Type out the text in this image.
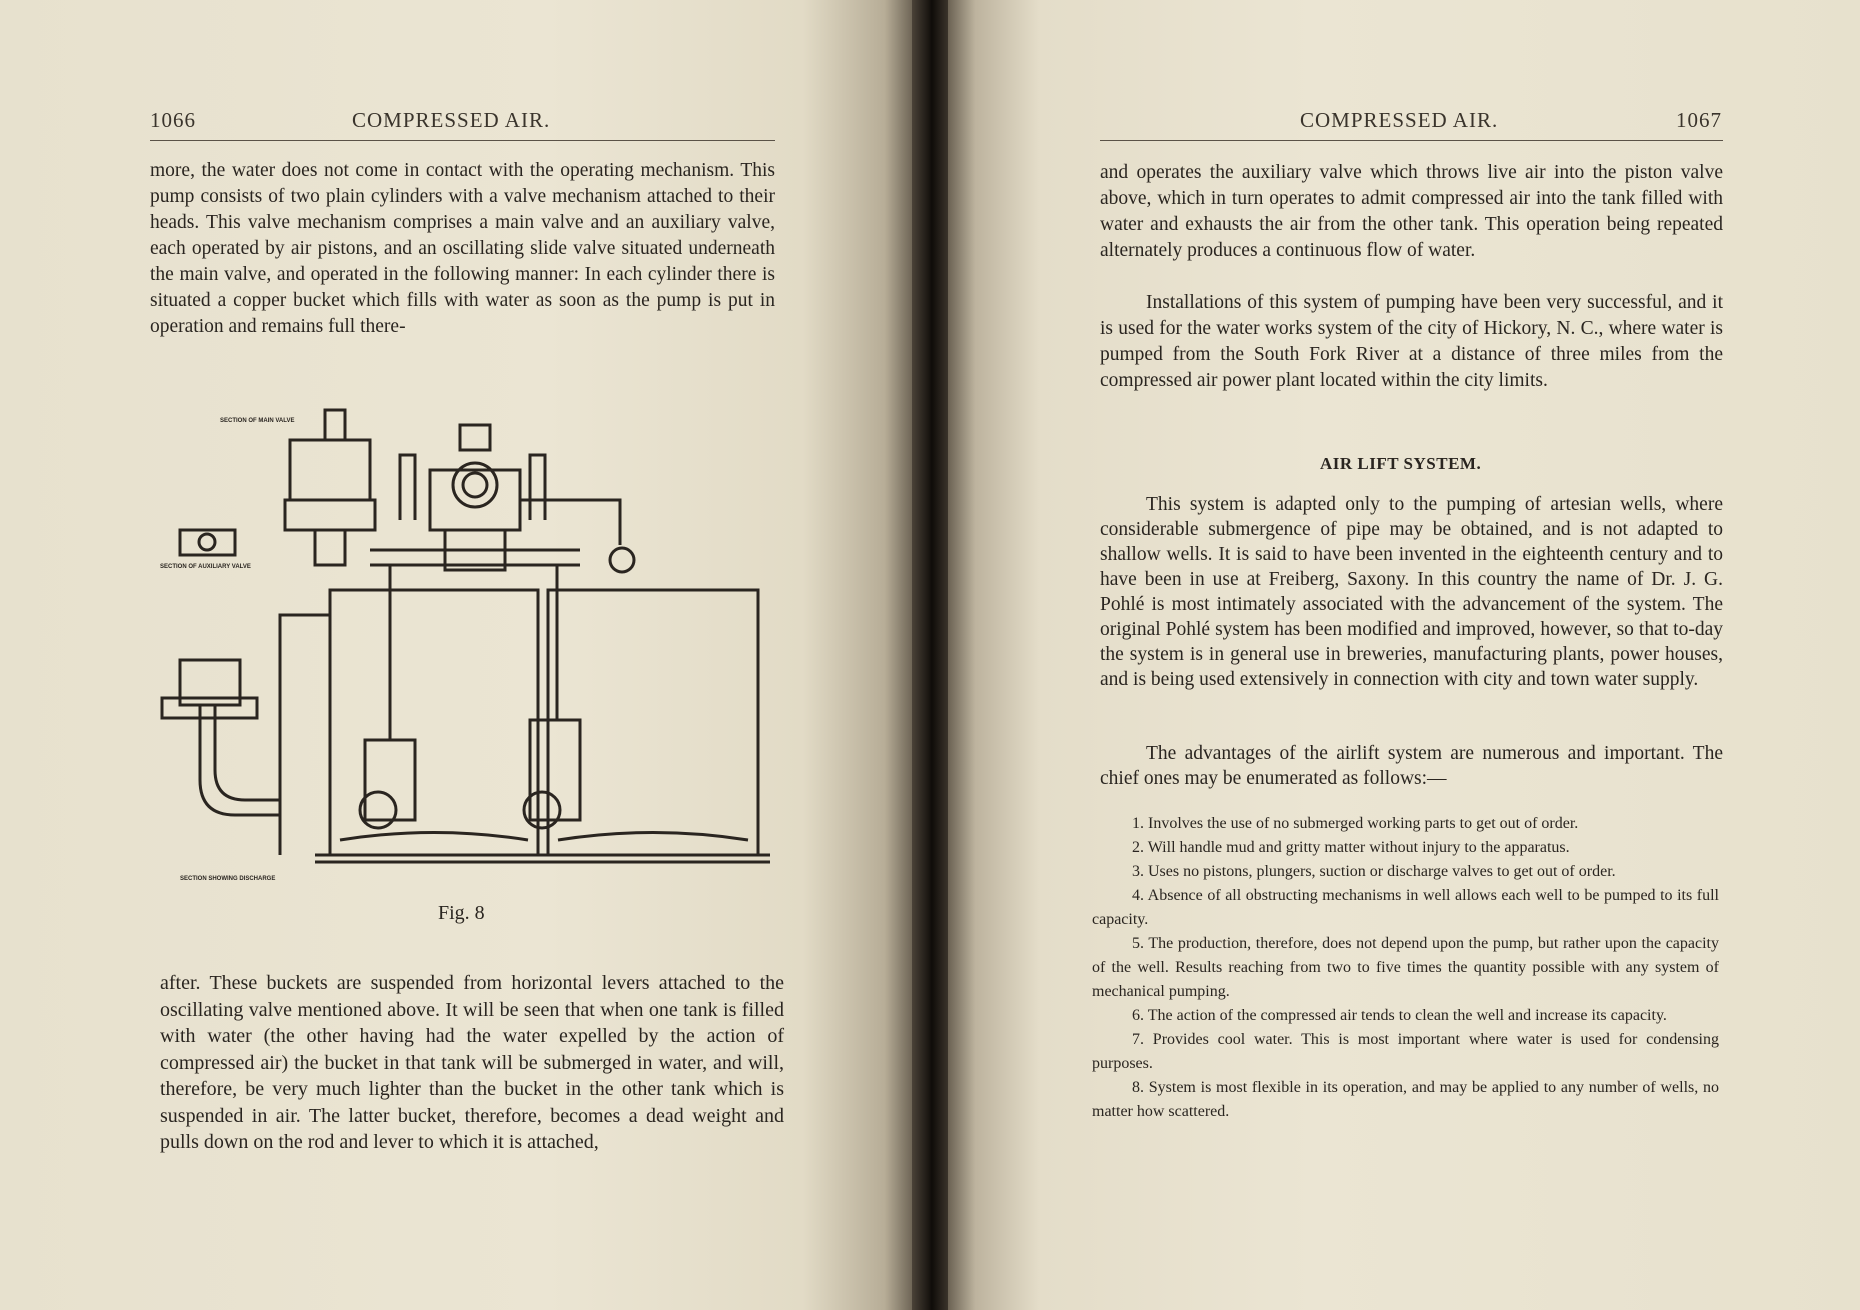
1066	COMPRESSED AIR.

more, the water does not come in contact with the operating mechanism. This pump consists of two plain cylinders with a valve mechanism attached to their heads. This valve mechanism comprises a main valve and an auxiliary valve, each operated by air pistons, and an oscillating slide valve situated underneath the main valve, and operated in the following manner: In each cylinder there is situated a copper bucket which fills with water as soon as the pump is put in operation and remains full there-

SECTION OF MAIN VALVE
SECTION OF AUXILIARY VALVE
SECTION SHOWING DISCHARGE
Fig. 8

after. These buckets are suspended from horizontal levers attached to the oscillating valve mentioned above. It will be seen that when one tank is filled with water (the other having had the water expelled by the action of compressed air) the bucket in that tank will be submerged in water, and will, therefore, be very much lighter than the bucket in the other tank which is suspended in air. The latter bucket, therefore, becomes a dead weight and pulls down on the rod and lever to which it is attached,

COMPRESSED AIR.	1067

and operates the auxiliary valve which throws live air into the piston valve above, which in turn operates to admit compressed air into the tank filled with water and exhausts the air from the other tank. This operation being repeated alternately produces a continuous flow of water.

Installations of this system of pumping have been very successful, and it is used for the water works system of the city of Hickory, N. C., where water is pumped from the South Fork River at a distance of three miles from the compressed air power plant located within the city limits.

AIR LIFT SYSTEM.

This system is adapted only to the pumping of artesian wells, where considerable submergence of pipe may be obtained, and is not adapted to shallow wells. It is said to have been invented in the eighteenth century and to have been in use at Freiberg, Saxony. In this country the name of Dr. J. G. Pohlé is most intimately associated with the advancement of the system. The original Pohlé system has been modified and improved, however, so that to-day the system is in general use in breweries, manufacturing plants, power houses, and is being used extensively in connection with city and town water supply.

The advantages of the airlift system are numerous and important. The chief ones may be enumerated as follows:—

1. Involves the use of no submerged working parts to get out of order.
2. Will handle mud and gritty matter without injury to the apparatus.
3. Uses no pistons, plungers, suction or discharge valves to get out of order.
4. Absence of all obstructing mechanisms in well allows each well to be pumped to its full capacity.
5. The production, therefore, does not depend upon the pump, but rather upon the capacity of the well. Results reaching from two to five times the quantity possible with any system of mechanical pumping.
6. The action of the compressed air tends to clean the well and increase its capacity.
7. Provides cool water. This is most important where water is used for condensing purposes.
8. System is most flexible in its operation, and may be applied to any number of wells, no matter how scattered.
